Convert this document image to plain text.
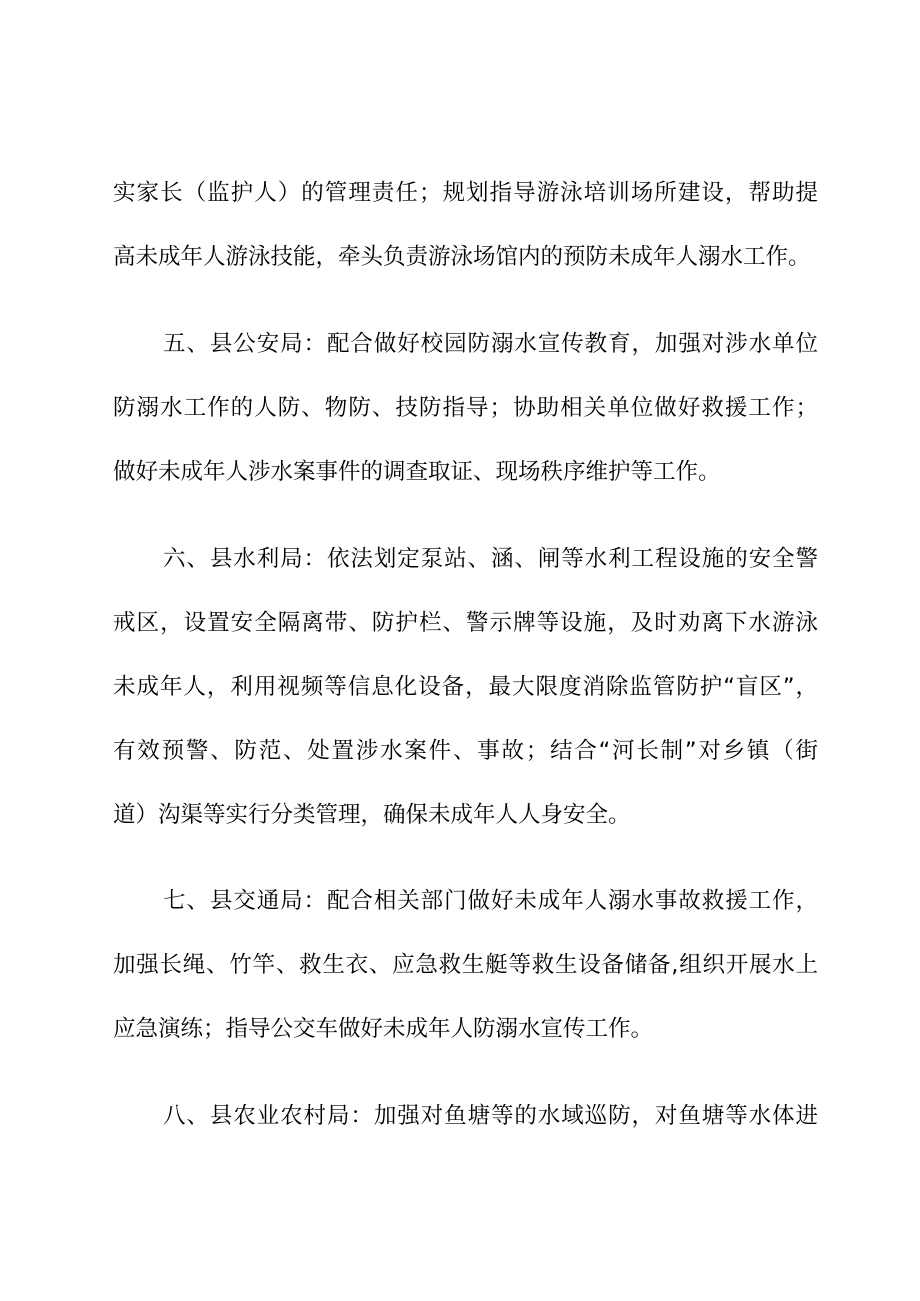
实家长（监护人）的管理责任；规划指导游泳培训场所建设，帮助提
高未成年人游泳技能，牵头负责游泳场馆内的预防未成年人溺水工作。
五、县公安局：配合做好校园防溺水宣传教育，加强对涉水单位
防溺水工作的人防、物防、技防指导；协助相关单位做好救援工作；
做好未成年人涉水案事件的调查取证、现场秩序维护等工作。
六、县水利局：依法划定泵站、涵、闸等水利工程设施的安全警
戒区，设置安全隔离带、防护栏、警示牌等设施，及时劝离下水游泳
未成年人，利用视频等信息化设备，最大限度消除监管防护“盲区”，
有效预警、防范、处置涉水案件、事故；结合“河长制”对乡镇（街
道）沟渠等实行分类管理，确保未成年人人身安全。
七、县交通局：配合相关部门做好未成年人溺水事故救援工作，
加强长绳、竹竿、救生衣、应急救生艇等救生设备储备,组织开展水上
应急演练；指导公交车做好未成年人防溺水宣传工作。
八、县农业农村局：加强对鱼塘等的水域巡防，对鱼塘等水体进
